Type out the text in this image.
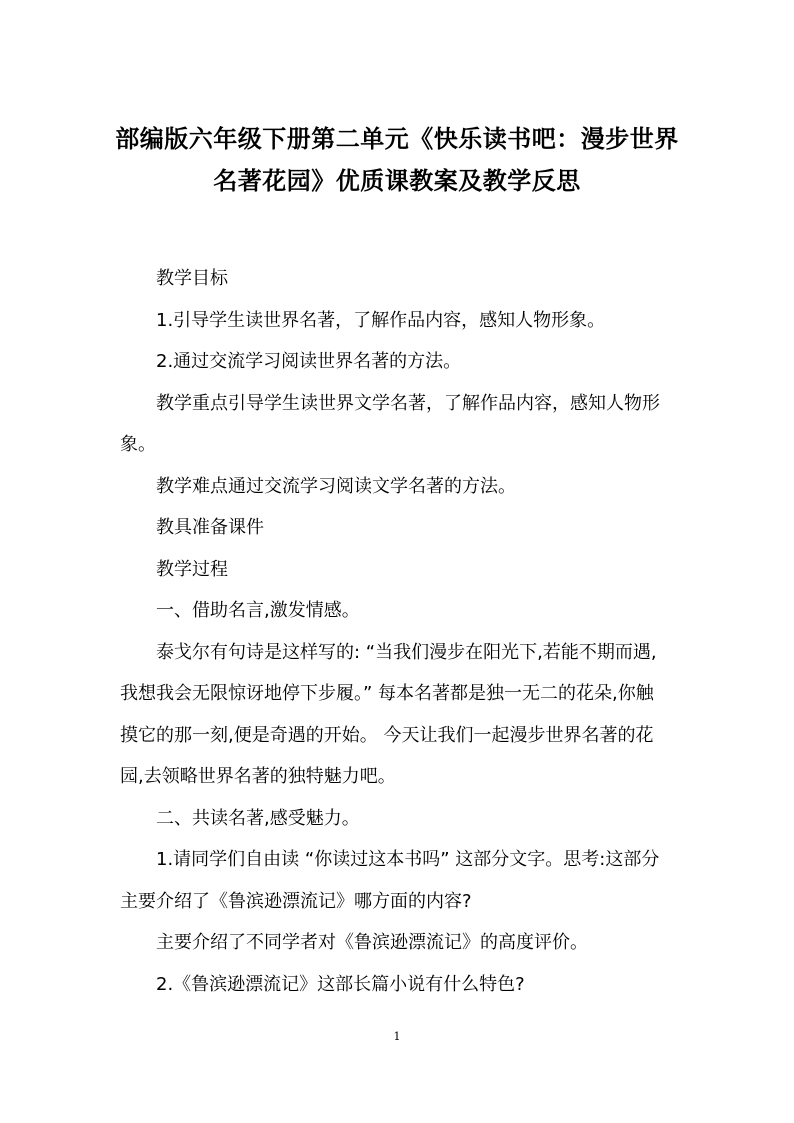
部编版六年级下册第二单元《快乐读书吧：漫步世界
名著花园》优质课教案及教学反思

教学目标

1.引导学生读世界名著，了解作品内容，感知人物形象。

2.通过交流学习阅读世界名著的方法。

教学重点引导学生读世界文学名著，了解作品内容，感知人物形
象。

教学难点通过交流学习阅读文学名著的方法。

教具准备课件

教学过程

一、借助名言,激发情感。

泰戈尔有句诗是这样写的: “当我们漫步在阳光下,若能不期而遇,
我想我会无限惊讶地停下步履。” 每本名著都是独一无二的花朵,你触
摸它的那一刻,便是奇遇的开始。 今天让我们一起漫步世界名著的花
园,去领略世界名著的独特魅力吧。

二、共读名著,感受魅力。

1.请同学们自由读 “你读过这本书吗” 这部分文字。思考:这部分
主要介绍了《鲁滨逊漂流记》哪方面的内容?

主要介绍了不同学者对《鲁滨逊漂流记》的高度评价。

2.《鲁滨逊漂流记》这部长篇小说有什么特色?

1
